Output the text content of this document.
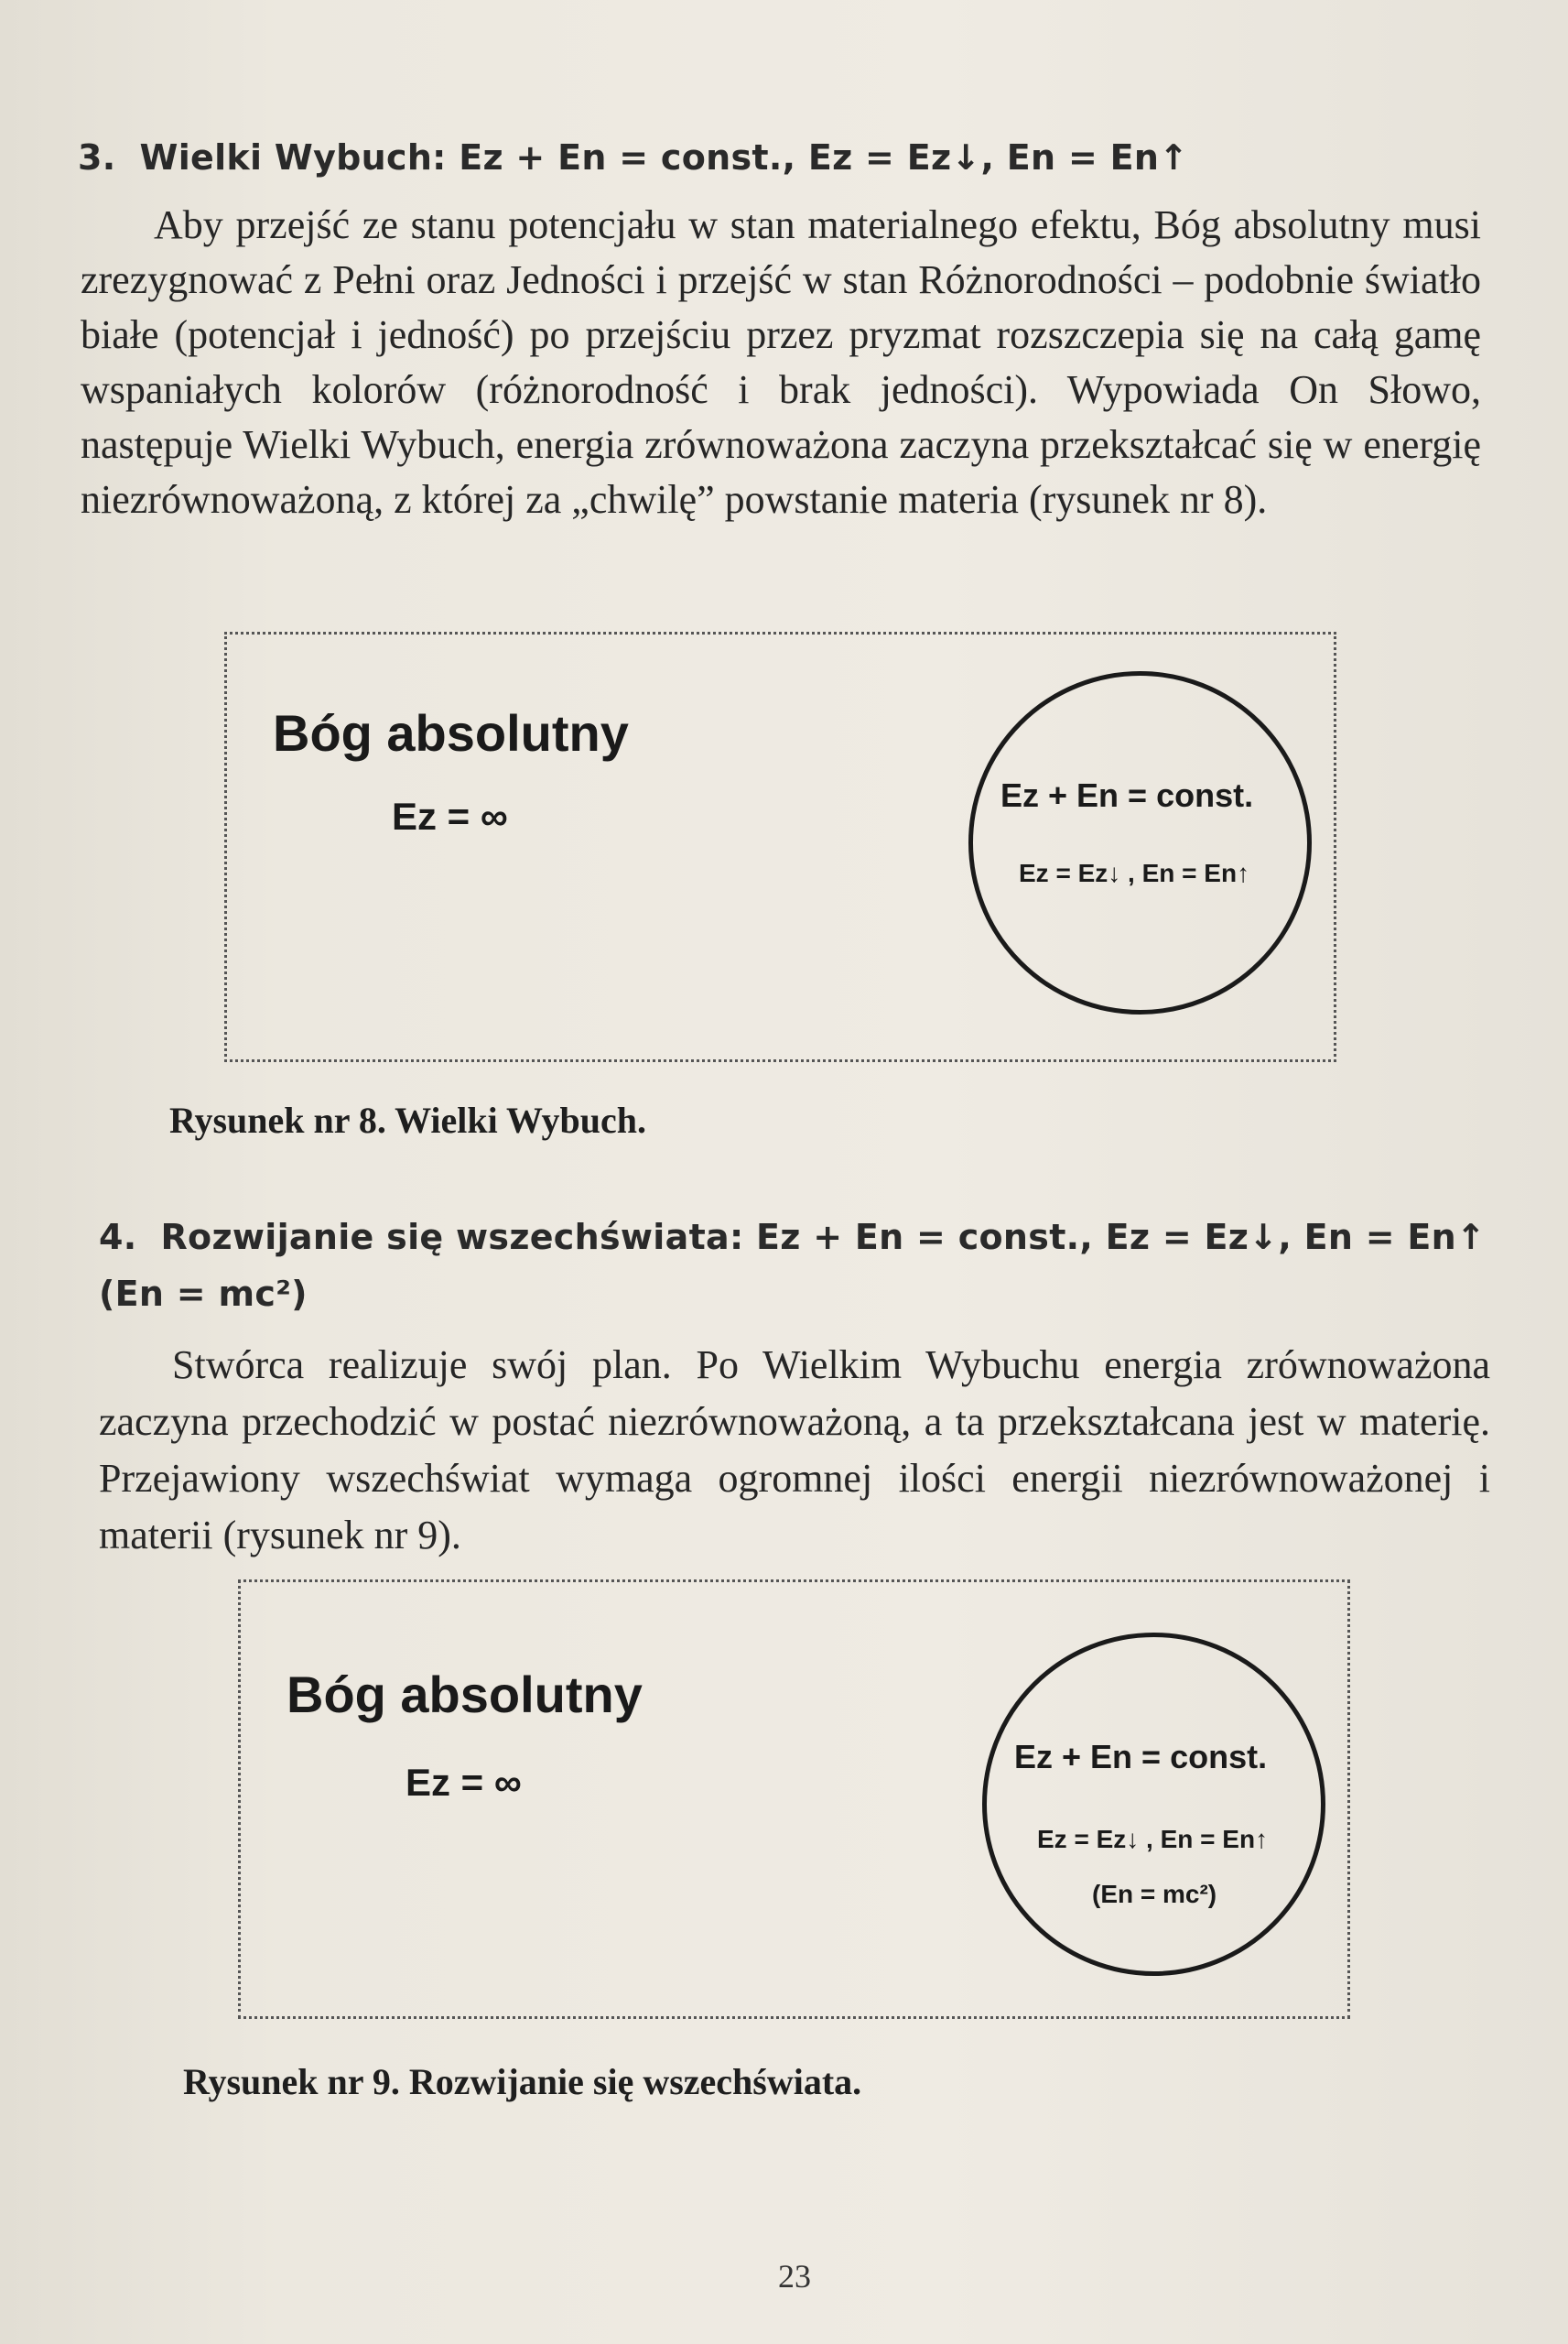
3. Wielki Wybuch: Ez + En = const., Ez = Ez↓, En = En↑
Aby przejść ze stanu potencjału w stan materialnego efektu, Bóg absolutny musi zrezygnować z Pełni oraz Jedności i przejść w stan Różnorodności – podobnie światło białe (potencjał i jedność) po przejściu przez pryzmat rozszczepia się na całą gamę wspaniałych kolorów (różnorodność i brak jedności). Wypowiada On Słowo, następuje Wielki Wybuch, energia zrównoważona zaczyna przekształcać się w energię niezrównoważoną, z której za „chwilę” powstanie materia (rysunek nr 8).
Bóg absolutny
Ez = ∞	Ez + En = const.
Ez = Ez↓ , En = En↑
Rysunek nr 8. Wielki Wybuch.
4. Rozwijanie się wszechświata: Ez + En = const., Ez = Ez↓, En = En↑ (En = mc²)
Stwórca realizuje swój plan. Po Wielkim Wybuchu energia zrównoważona zaczyna przechodzić w postać niezrównoważoną, a ta przekształcana jest w materię. Przejawiony wszechświat wymaga ogromnej ilości energii niezrównoważonej i materii (rysunek nr 9).
Bóg absolutny
Ez = ∞
Ez + En = const.
Ez = Ez↓ , En = En↑
(En = mc²)
Rysunek nr 9. Rozwijanie się wszechświata.
23
